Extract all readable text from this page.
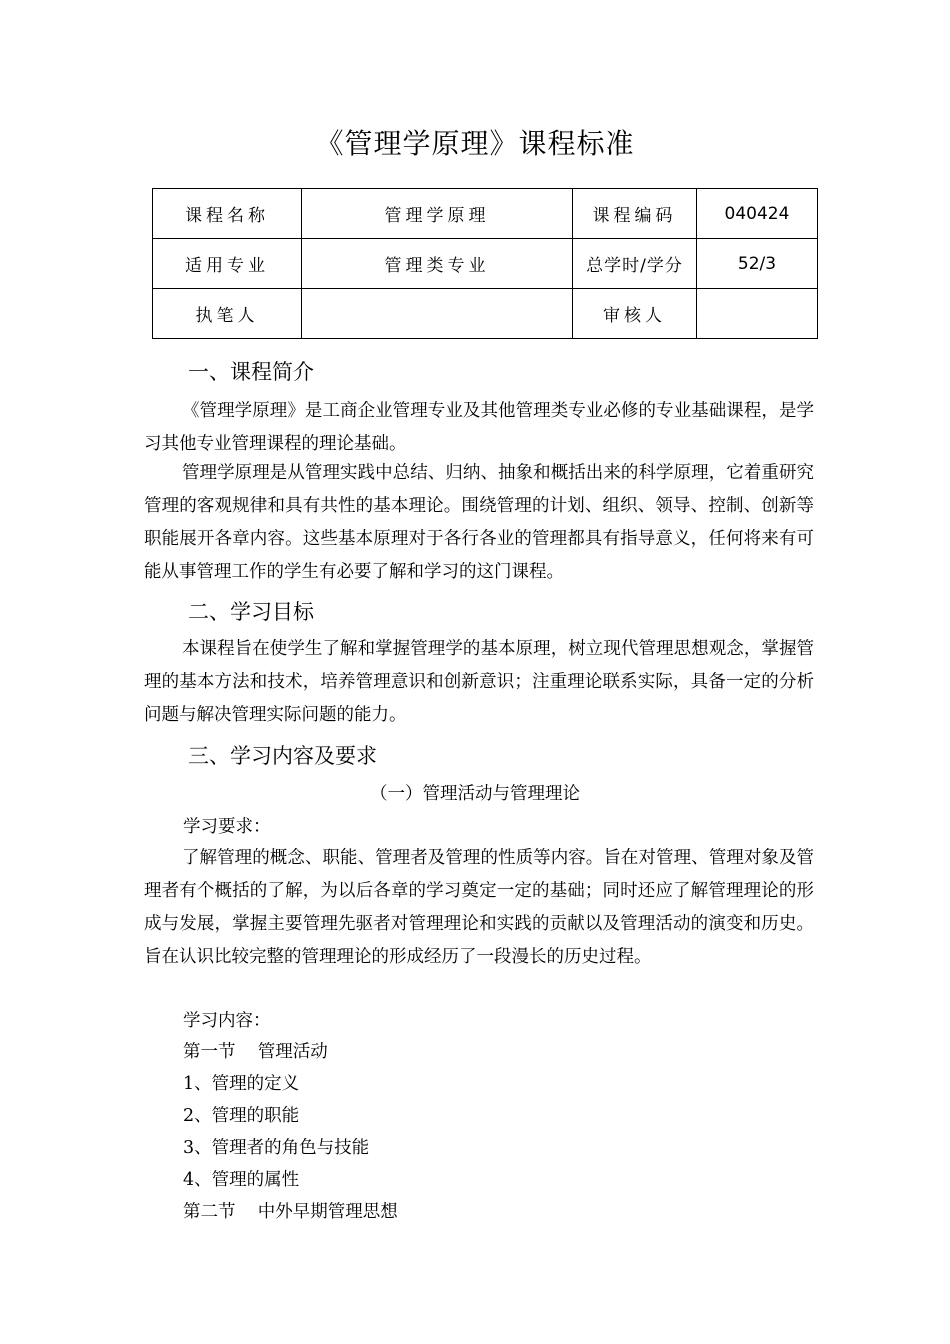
《管理学原理》课程标准
课程名称	管理学原理	课程编码	040424
适用专业	管理类专业	总学时/学分	52/3
执笔人		审核人	
一、课程简介
《管理学原理》是工商企业管理专业及其他管理类专业必修的专业基础课程，是学习其他专业管理课程的理论基础。
管理学原理是从管理实践中总结、归纳、抽象和概括出来的科学原理，它着重研究管理的客观规律和具有共性的基本理论。围绕管理的计划、组织、领导、控制、创新等职能展开各章内容。这些基本原理对于各行各业的管理都具有指导意义，任何将来有可能从事管理工作的学生有必要了解和学习的这门课程。
二、学习目标
本课程旨在使学生了解和掌握管理学的基本原理，树立现代管理思想观念，掌握管理的基本方法和技术，培养管理意识和创新意识；注重理论联系实际，具备一定的分析问题与解决管理实际问题的能力。
三、学习内容及要求
（一）管理活动与管理理论
学习要求：
了解管理的概念、职能、管理者及管理的性质等内容。旨在对管理、管理对象及管理者有个概括的了解，为以后各章的学习奠定一定的基础；同时还应了解管理理论的形成与发展，掌握主要管理先驱者对管理理论和实践的贡献以及管理活动的演变和历史。旨在认识比较完整的管理理论的形成经历了一段漫长的历史过程。
学习内容：
第一节    管理活动
1、管理的定义
2、管理的职能
3、管理者的角色与技能
4、管理的属性
第二节    中外早期管理思想
